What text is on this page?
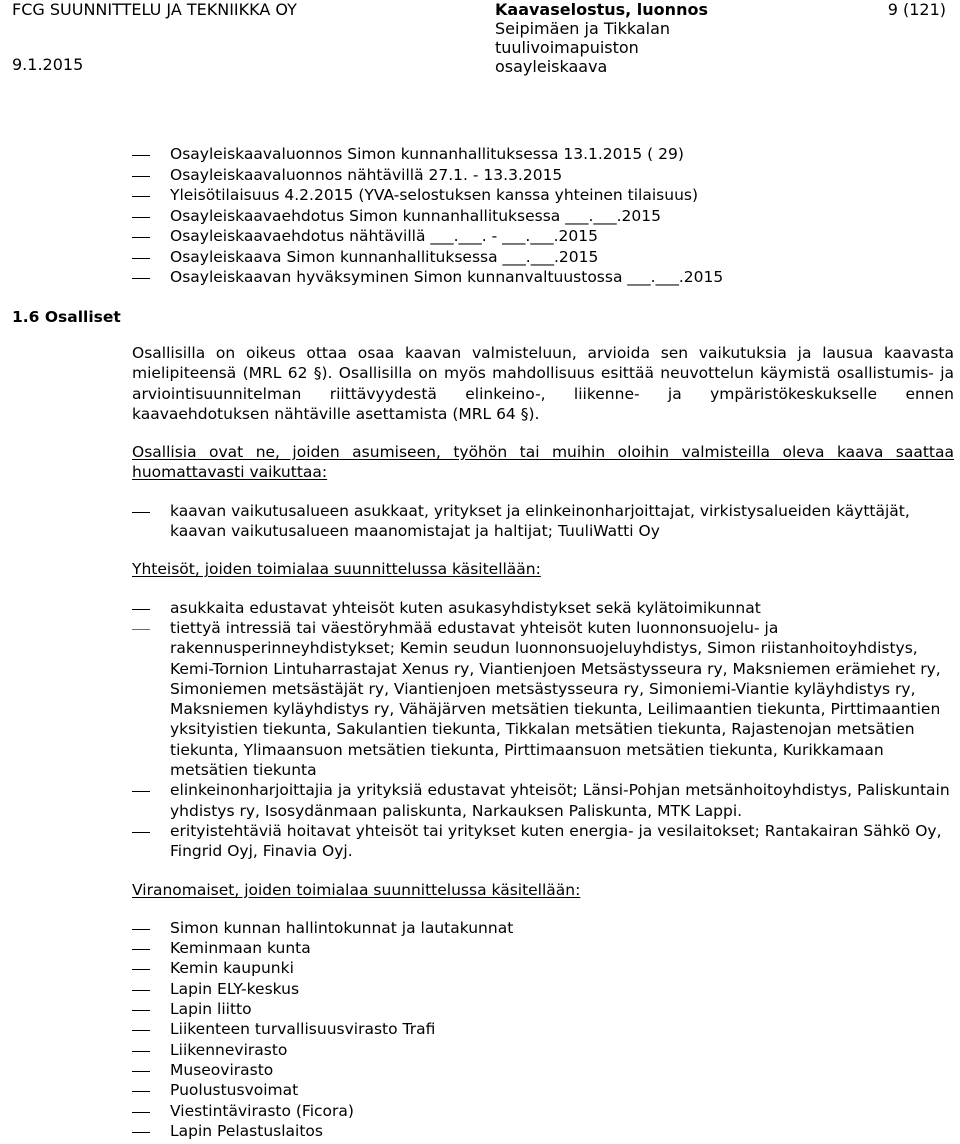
FCG SUUNNITTELU JA TEKNIIKKA OY
9.1.2015
Kaavaselostus, luonnos
Seipimäen ja Tikkalan
tuulivoimapuiston
osayleiskaava
9 (121)
Osayleiskaavaluonnos Simon kunnanhallituksessa 13.1.2015 ( 29)
Osayleiskaavaluonnos nähtävillä 27.1. - 13.3.2015
Yleisötilaisuus 4.2.2015 (YVA-selostuksen kanssa yhteinen tilaisuus)
Osayleiskaavaehdotus Simon kunnanhallituksessa ___.___.2015
Osayleiskaavaehdotus nähtävillä ___.___. - ___.___.2015
Osayleiskaava Simon kunnanhallituksessa ___.___.2015
Osayleiskaavan hyväksyminen Simon kunnanvaltuustossa ___.___.2015
1.6 Osalliset

Osallisilla on oikeus ottaa osaa kaavan valmisteluun, arvioida sen vaikutuksia ja lausua kaavasta mielipiteensä (MRL 62 §). Osallisilla on myös mahdollisuus esittää neuvottelun käymistä osallistumis- ja arviointisuunnitelman riittävyydestä elinkeino-, liikenne- ja ympäristökeskukselle ennen kaavaehdotuksen nähtäville asettamista (MRL 64 §).

Osallisia ovat ne, joiden asumiseen, työhön tai muihin oloihin valmisteilla oleva kaava saattaa huomattavasti vaikuttaa:

kaavan vaikutusalueen asukkaat, yritykset ja elinkeinonharjoittajat, virkistysalueiden käyttäjät, kaavan vaikutusalueen maanomistajat ja haltijat; TuuliWatti Oy

Yhteisöt, joiden toimialaa suunnittelussa käsitellään:

asukkaita edustavat yhteisöt kuten asukasyhdistykset sekä kylätoimikunnat
tiettyä intressiä tai väestöryhmää edustavat yhteisöt kuten luonnonsuojelu- ja rakennusperinneyhdistykset; Kemin seudun luonnonsuojeluyhdistys, Simon riistanhoitoyhdistys, Kemi-Tornion Lintuharrastajat Xenus ry, Viantienjoen Metsästysseura ry, Maksniemen erämiehet ry, Simoniemen metsästäjät ry, Viantienjoen metsästysseura ry, Simoniemi-Viantie kyläyhdistys ry, Maksniemen kyläyhdistys ry, Vähäjärven metsätien tiekunta, Leilimaantien tiekunta, Pirttimaantien yksityistien tiekunta, Sakulantien tiekunta, Tikkalan metsätien tiekunta, Rajastenojan metsätien tiekunta, Ylimaansuon metsätien tiekunta, Pirttimaansuon metsätien tiekunta, Kurikkamaan metsätien tiekunta
elinkeinonharjoittajia ja yrityksiä edustavat yhteisöt; Länsi-Pohjan metsänhoitoyhdistys, Paliskuntain yhdistys ry, Isosydänmaan paliskunta, Narkauksen Paliskunta, MTK Lappi.
erityistehtäviä hoitavat yhteisöt tai yritykset kuten energia- ja vesilaitokset; Rantakairan Sähkö Oy, Fingrid Oyj, Finavia Oyj.

Viranomaiset, joiden toimialaa suunnittelussa käsitellään:

Simon kunnan hallintokunnat ja lautakunnat
Keminmaan kunta
Kemin kaupunki
Lapin ELY-keskus
Lapin liitto
Liikenteen turvallisuusvirasto Trafi
Liikennevirasto
Museovirasto
Puolustusvoimat
Viestintävirasto (Ficora)
Lapin Pelastuslaitos
